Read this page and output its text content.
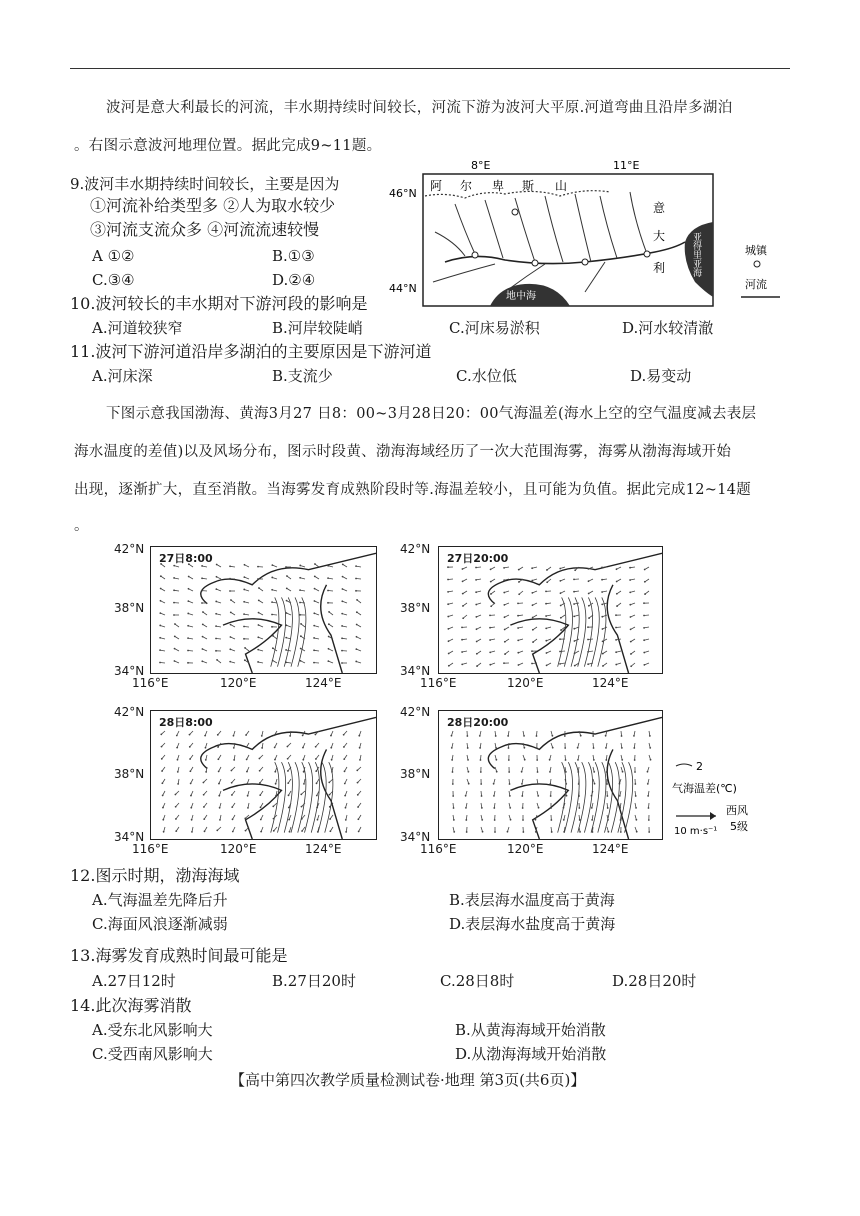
波河是意大利最长的河流，丰水期持续时间较长，河流下游为波河大平原.河道弯曲且沿岸多湖泊
。右图示意波河地理位置。据此完成9~11题。
9.波河丰水期持续时间较长，主要是因为
①河流补给类型多 ②人为取水较少
③河流支流众多 ④河流流速较慢
A ①②	B.①③
C.③④	D.②④
8°E	11°E
46°N
44°N
地中海
亚得里亚海
阿 尔 卑 斯 山
意
大
利
城镇
河流
10.波河较长的丰水期对下游河段的影响是
A.河道较狭窄	B.河岸较陡峭	C.河床易淤积	D.河水较清澈
11.波河下游河道沿岸多湖泊的主要原因是下游河道
A.河床深	B.支流少	C.水位低	D.易变动
下图示意我国渤海、黄海3月27 日8：00~3月28日20：00气海温差(海水上空的空气温度减去表层
海水温度的差值)以及风场分布，图示时段黄、渤海海域经历了一次大范围海雾，海雾从渤海海域开始
出现，逐渐扩大，直至消散。当海雾发育成熟阶段时等.海温差较小，且可能为负值。据此完成12~14题
。
42°N
38°N
34°N
116°E	120°E	124°E
42°N
38°N
34°N
116°E	120°E	124°E
42°N
38°N
34°N
116°E	120°E	124°E
42°N
38°N
34°N
116°E	120°E	124°E
27日8:00	27日20:00
28日8:00	28日20:00
2
气海温差(℃)
西风
10 m·s⁻¹ 5级
12.图示时期，渤海海域
A.气海温差先降后升	B.表层海水温度高于黄海
C.海面风浪逐渐减弱	D.表层海水盐度高于黄海
13.海雾发育成熟时间最可能是
A.27日12时	B.27日20时	C.28日8时	D.28日20时
14.此次海雾消散
A.受东北风影响大	B.从黄海海域开始消散
C.受西南风影响大	D.从渤海海域开始消散
【高中第四次教学质量检测试卷·地理 第3页(共6页)】
